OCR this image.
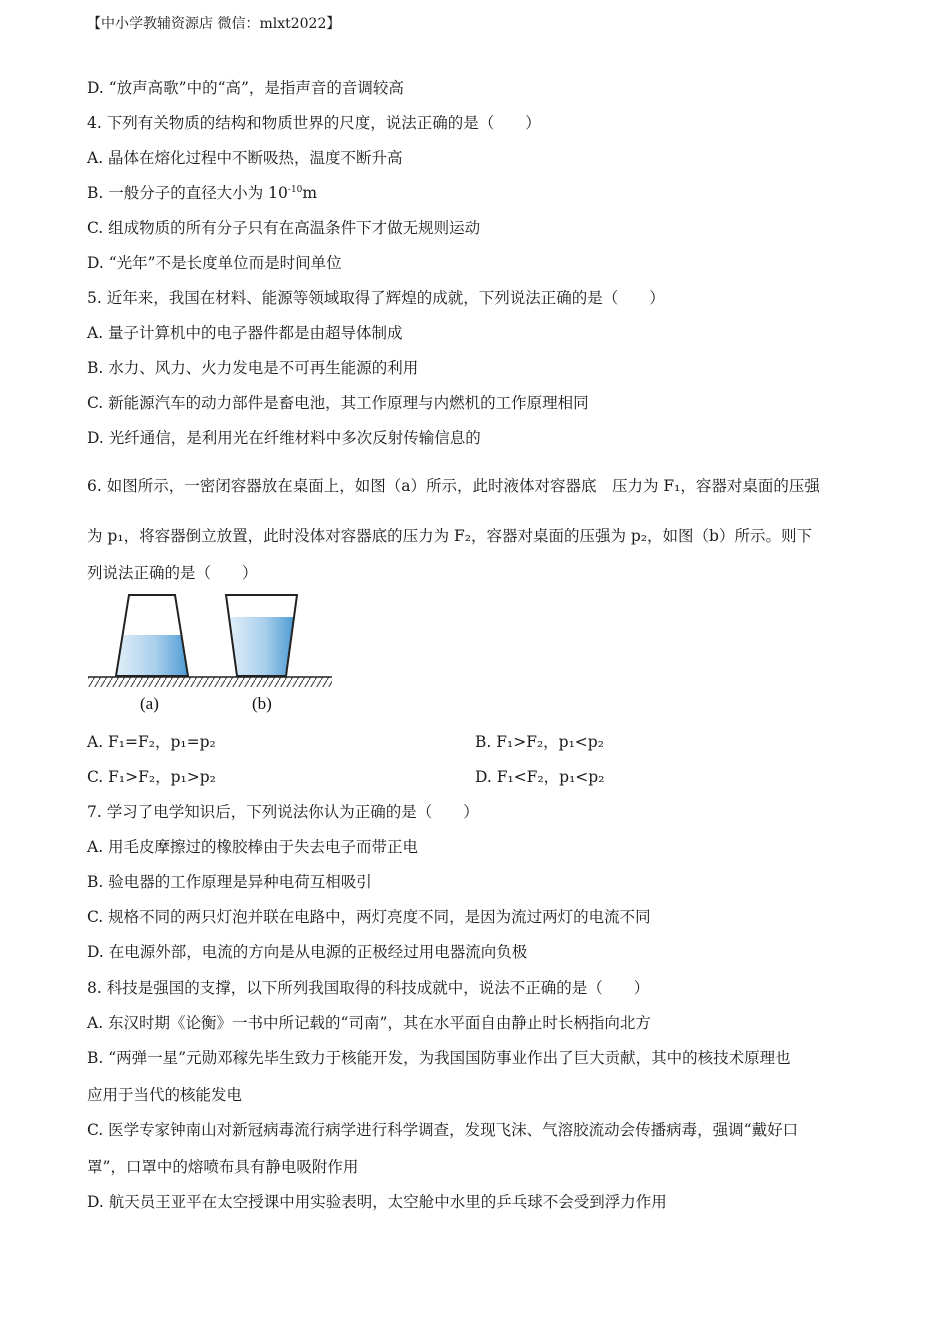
【中小学教辅资源店 微信：mlxt2022】
D. “放声高歌”中的“高”，是指声音的音调较高
4. 下列有关物质的结构和物质世界的尺度，说法正确的是（　　）
A. 晶体在熔化过程中不断吸热，温度不断升高
B. 一般分子的直径大小为 $10^{-10}m$
C. 组成物质的所有分子只有在高温条件下才做无规则运动
D. “光年”不是长度单位而是时间单位
5. 近年来，我国在材料、能源等领域取得了辉煌的成就，下列说法正确的是（　　）
A. 量子计算机中的电子器件都是由超导体制成
B. 水力、风力、火力发电是不可再生能源的利用
C. 新能源汽车的动力部件是畜电池，其工作原理与内燃机的工作原理相同
D. 光纤通信，是利用光在纤维材料中多次反射传输信息的
6. 如图所示，一密闭容器放在桌面上，如图（a）所示，此时液体对容器底　压力为 F₁，容器对桌面的压强
为 p₁，将容器倒立放置，此时没体对容器底的压力为 F₂，容器对桌面的压强为 p₂，如图（b）所示。则下
列说法正确的是（　　）
(a)	(b)
A. F₁=F₂，p₁=p₂	B. F₁>F₂，p₁<p₂
C. F₁>F₂，p₁>p₂	D. F₁<F₂，p₁<p₂
7. 学习了电学知识后，下列说法你认为正确的是（　　）
A. 用毛皮摩擦过的橡胶棒由于失去电子而带正电
B. 验电器的工作原理是异种电荷互相吸引
C. 规格不同的两只灯泡并联在电路中，两灯亮度不同，是因为流过两灯的电流不同
D. 在电源外部，电流的方向是从电源的正极经过用电器流向负极
8. 科技是强国的支撑，以下所列我国取得的科技成就中，说法不正确的是（　　）
A. 东汉时期《论衡》一书中所记载的“司南”，其在水平面自由静止时长柄指向北方
B. “两弹一星”元勋邓稼先毕生致力于核能开发，为我国国防事业作出了巨大贡献，其中的核技术原理也
应用于当代的核能发电
C. 医学专家钟南山对新冠病毒流行病学进行科学调查，发现飞沫、气溶胶流动会传播病毒，强调“戴好口
罩”，口罩中的熔喷布具有静电吸附作用
D. 航天员王亚平在太空授课中用实验表明，太空舱中水里的乒乓球不会受到浮力作用
